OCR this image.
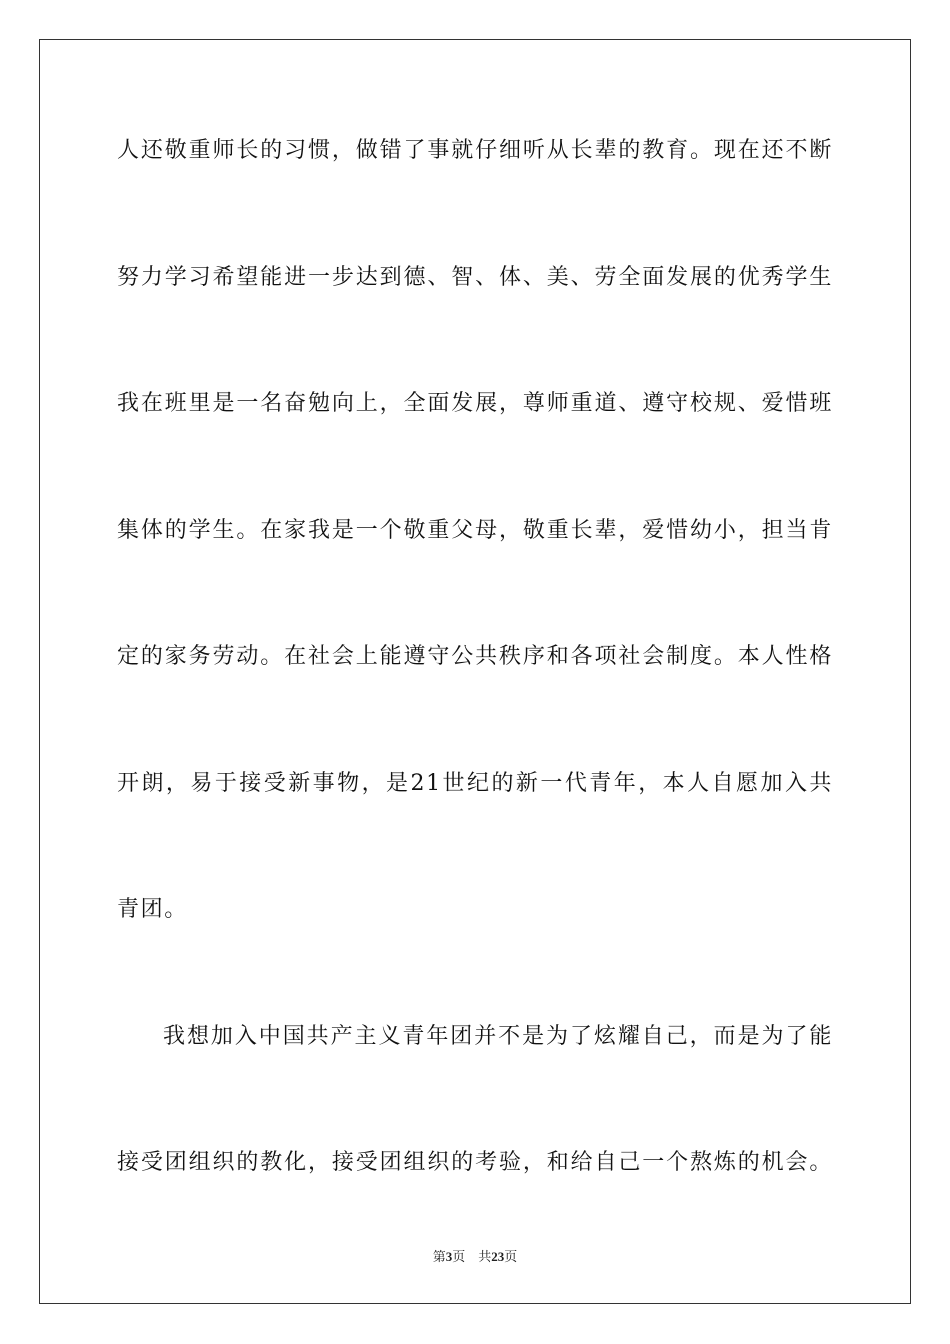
人还敬重师长的习惯，做错了事就仔细听从长辈的教育。现在还不断
努力学习希望能进一步达到德、智、体、美、劳全面发展的优秀学生
我在班里是一名奋勉向上，全面发展，尊师重道、遵守校规、爱惜班
集体的学生。在家我是一个敬重父母，敬重长辈，爱惜幼小，担当肯
定的家务劳动。在社会上能遵守公共秩序和各项社会制度。本人性格
开朗，易于接受新事物，是21世纪的新一代青年，本人自愿加入共
青团。
我想加入中国共产主义青年团并不是为了炫耀自己，而是为了能
接受团组织的教化，接受团组织的考验，和给自己一个熬炼的机会。
第3页　共23页
